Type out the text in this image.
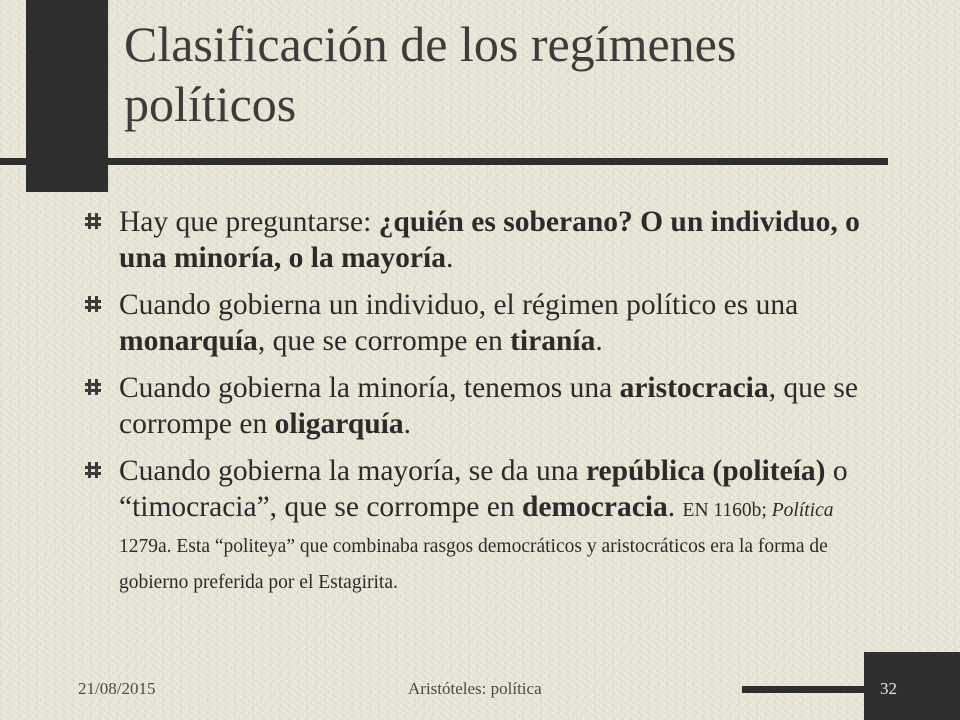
Clasificación de los regímenes políticos
Hay que preguntarse: ¿quién es soberano? O un individuo, o una minoría, o la mayoría.
Cuando gobierna un individuo, el régimen político es una monarquía, que se corrompe en tiranía.
Cuando gobierna la minoría, tenemos una aristocracia, que se corrompe en oligarquía.
Cuando gobierna la mayoría, se da una república (politeía) o “timocracia”, que se corrompe en democracia. EN 1160b; Política 1279a. Esta “politeya” que combinaba rasgos democráticos y aristocráticos era la forma de gobierno preferida por el Estagirita.
21/08/2015	Aristóteles: política	32
